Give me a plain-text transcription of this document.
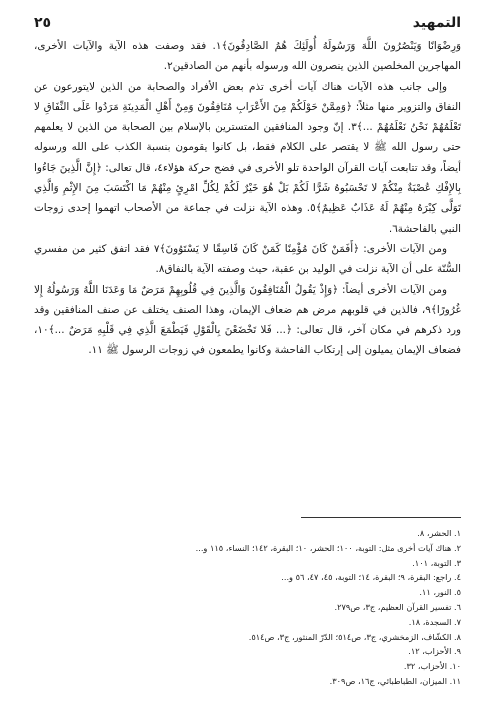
التمهيد
٢٥

وَرِضْوَانًا وَيَنْصُرُونَ اللَّهَ وَرَسُولَهُ أُولَئِكَ هُمُ الصَّادِقُونَ﴾١. فقد وصفت هذه الآية والآيات الأخرى، المهاجرين المخلصين الذين ينصرون الله ورسوله بأنهم من الصادقين٢.

وإلى جانب هذه الآيات هناك آيات أخرى تذم بعض الأفراد والصحابة من الذين لايتورعون عن النفاق والتزوير منها مثلاً: ﴿وَمِمَّنْ حَوْلَكُمْ مِنَ الأَعْرَابِ مُنَافِقُونَ وَمِنْ أَهْلِ الْمَدِينَةِ مَرَدُوا عَلَى النِّفَاقِ لا تَعْلَمُهُمْ نَحْنُ نَعْلَمُهُمْ ...﴾٣. إنّ وجود المنافقين المتسترين بالإسلام بين الصحابة من الذين لا يعلمهم حتى رسول الله ﷺ لا يقتصر على الكلام فقط، بل كانوا يقومون بنسبة الكذب على الله ورسوله أيضاً، وقد تتابعت آيات القرآن الواحدة تلو الأخرى في فضح حركة هؤلاء٤، قال تعالى: ﴿إِنَّ الَّذِينَ جَاءُوا بِالإِفْكِ عُصْبَةٌ مِنْكُمْ لا تَحْسَبُوهُ شَرًّا لَكُمْ بَلْ هُوَ خَيْرٌ لَكُمْ لِكُلِّ امْرِئٍ مِنْهُمْ مَا اكْتَسَبَ مِنَ الإِثْمِ وَالَّذِي تَوَلَّى كِبْرَهُ مِنْهُمْ لَهُ عَذَابٌ عَظِيمٌ﴾٥. وهذه الآية نزلت في جماعة من الأصحاب اتهموا إحدى زوجات النبي بالفاحشة٦.

ومن الآيات الأخرى: ﴿أَفَمَنْ كَانَ مُؤْمِنًا كَمَنْ كَانَ فَاسِقًا لا يَسْتَوُونَ﴾٧ فقد اتفق كثير من مفسري السُّنّة على أن الآية نزلت في الوليد بن عقبة، حيث وصفته الآية بالنفاق٨.

ومن الآيات الأخرى أيضاً: ﴿وَإِذْ يَقُولُ الْمُنَافِقُونَ وَالَّذِينَ فِي قُلُوبِهِمْ مَرَضٌ مَا وَعَدَنَا اللَّهُ وَرَسُولُهُ إِلا غُرُورًا﴾٩، فالذين في قلوبهم مرض هم ضعاف الإيمان، وهذا الصنف يختلف عن صنف المنافقين وقد ورد ذكرهم في مكان آخر، قال تعالى: ﴿... فَلا تَخْضَعْنَ بِالْقَوْلِ فَيَطْمَعَ الَّذِي فِي قَلْبِهِ مَرَضٌ ...﴾١٠، فضعاف الإيمان يميلون إلى إرتكاب الفاحشة وكانوا يطمعون في زوجات الرسول ﷺ ١١.

١. الحشر، ٨.
٢. هناك آيات أخرى مثل: التوبة، ١٠٠؛ الحشر، ١٠؛ البقرة، ١٤٢؛ النساء، ١١٥ و...
٣. التوبة، ١٠١.
٤. راجع: البقرة، ٩؛ البقرة، ١٤؛ التوبة، ٤٥، ٤٧، ٥٦ و...
٥. النور، ١١.
٦. تفسير القرآن العظيم، ج٣، ص٢٧٩.
٧. السجدة، ١٨.
٨. الكشّاف، الزمخشري، ج٣، ص٥١٤؛ الدّرّ المنثور، ج٣، ص٥١٤.
٩. الأحزاب، ١٢.
١٠. الأحزاب، ٣٢.
١١. الميزان، الطباطبائي، ج١٦، ص٣٠٩.
